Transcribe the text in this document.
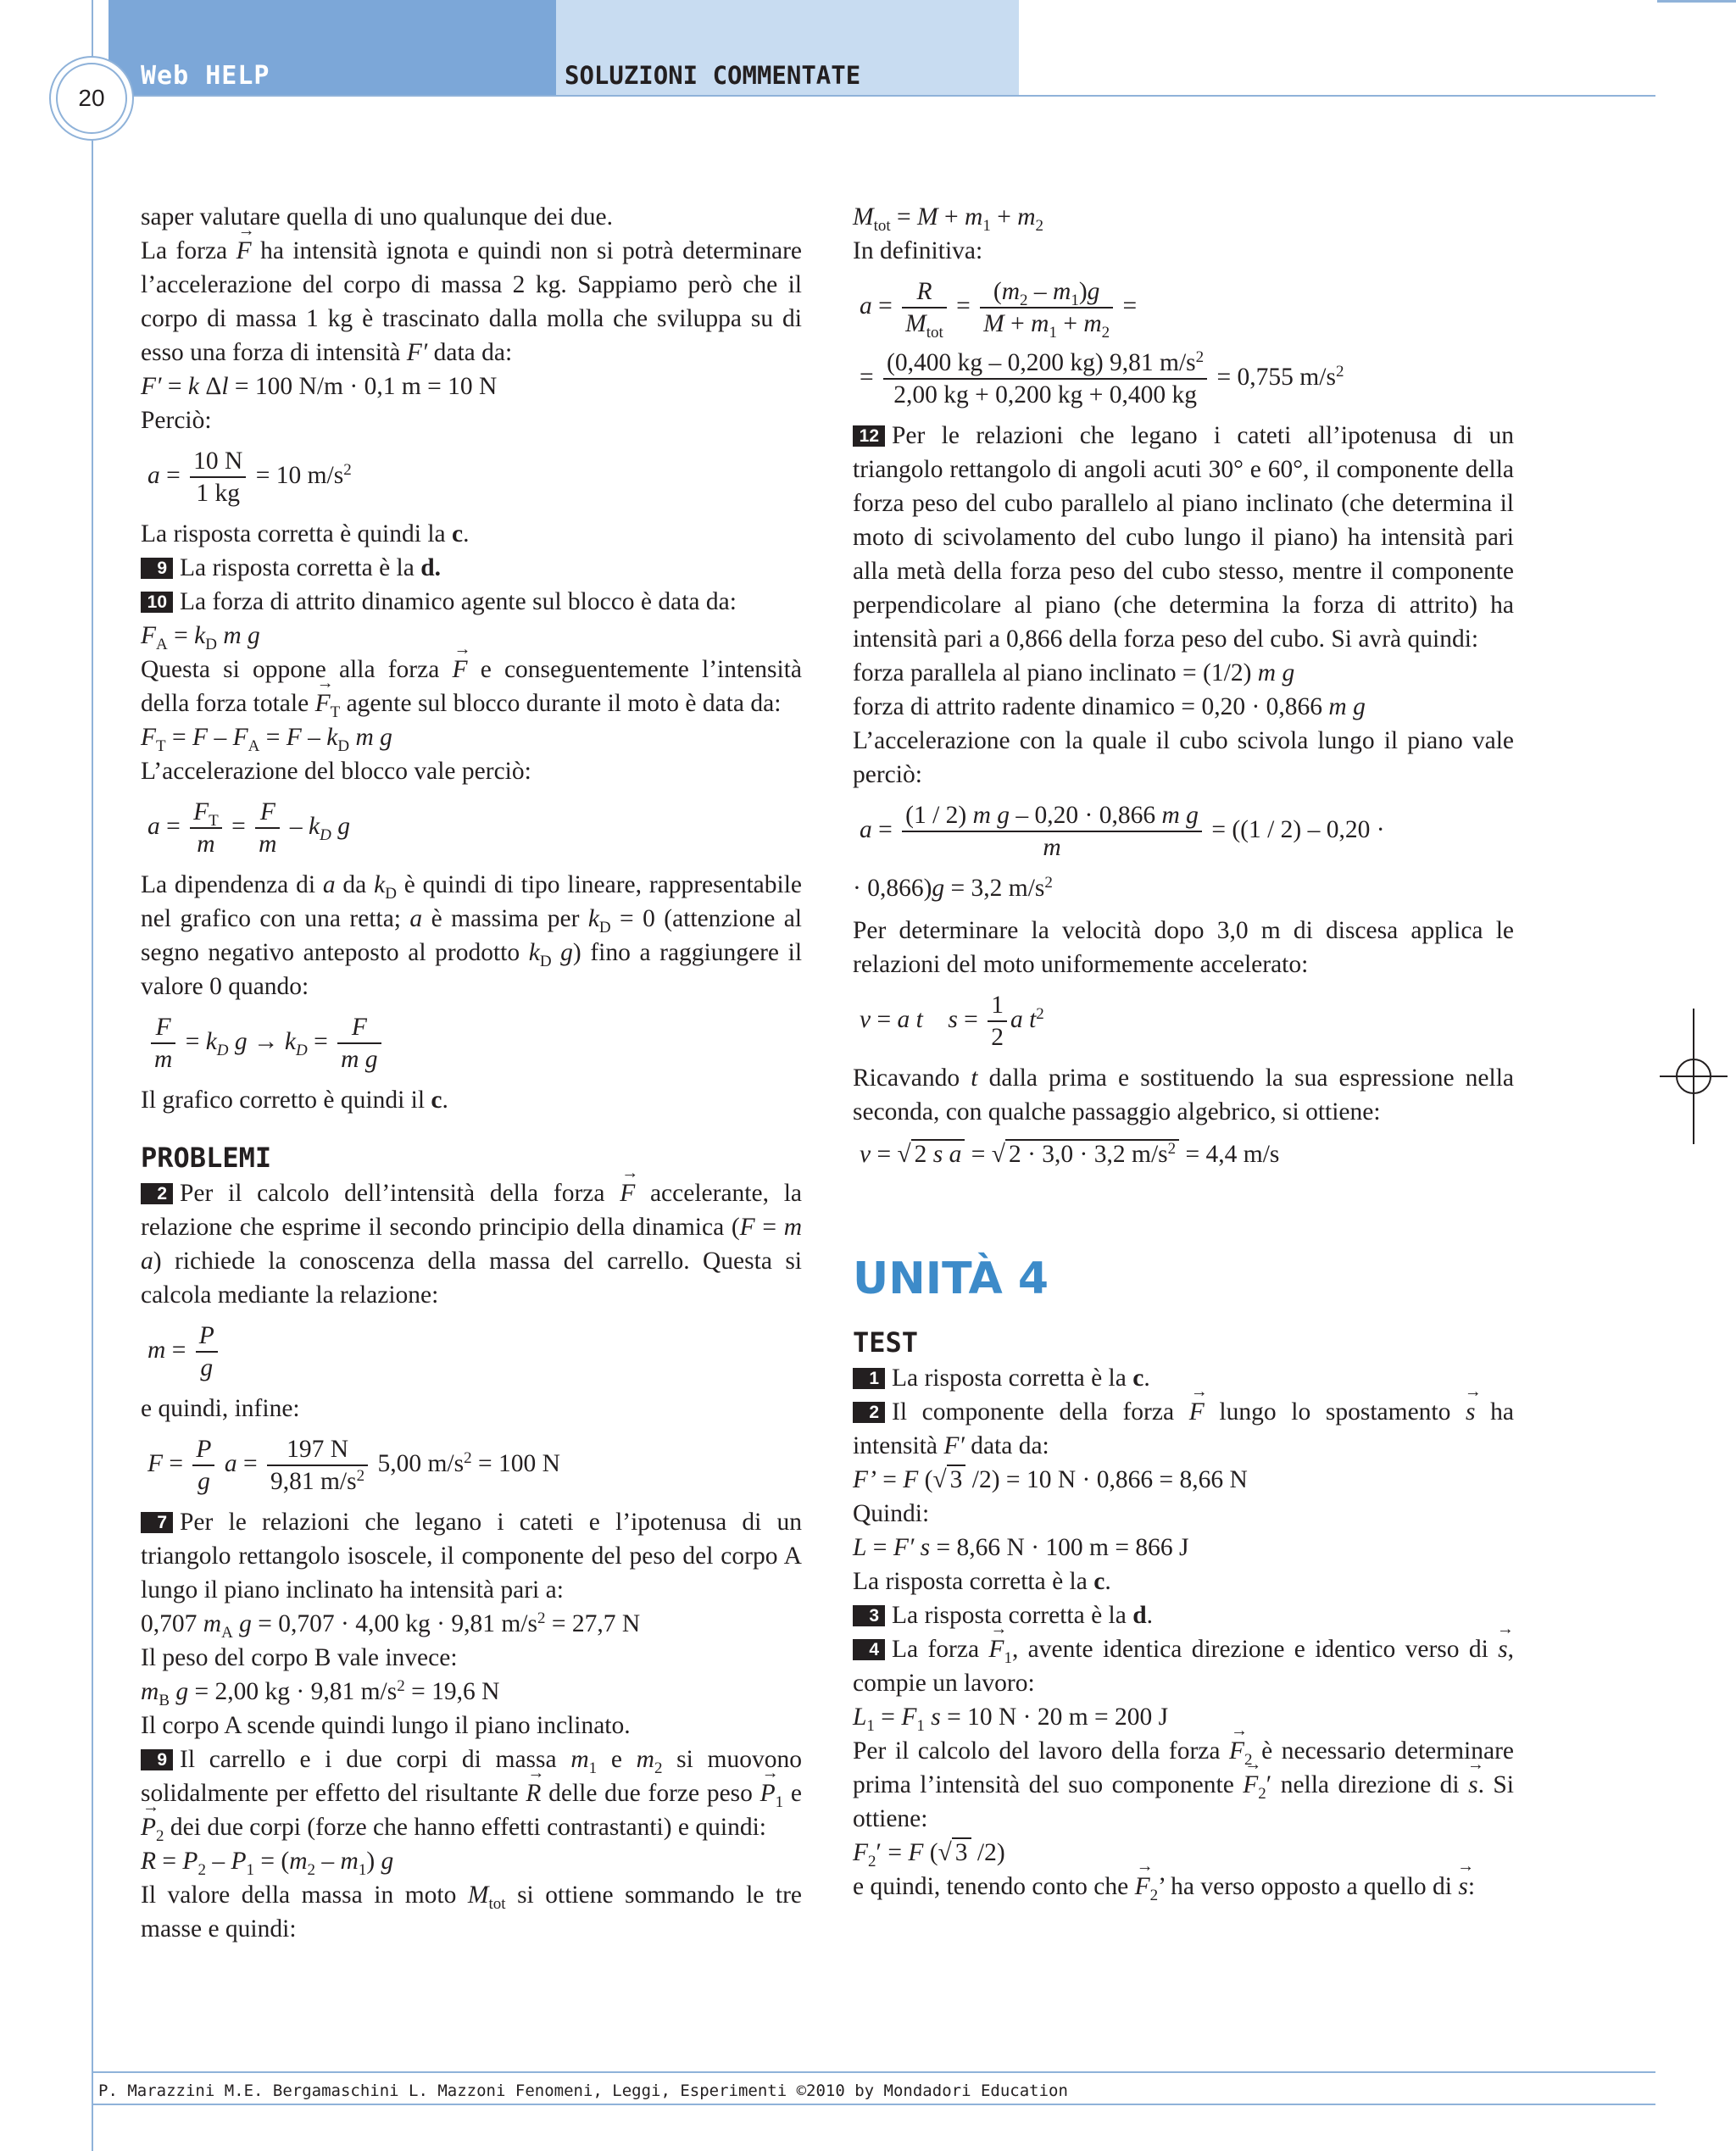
20
Web HELP	SOLUZIONI COMMENTATE

saper valutare quella di uno qualunque dei due.

La forza → F ha intensità ignota e quindi non si potrà determinare l’accelerazione del corpo di massa 2 kg. Sappiamo però che il corpo di massa 1 kg è trascinato dalla molla che sviluppa su di esso una forza di intensità F′ data da:

F′ = k Δl = 100 N/m · 0,1 m = 10 N

Perciò:

$a = \frac{10 N}{1 kg} = 10$ $m/s^2$

La risposta corretta è quindi la c.

9 La risposta corretta è la d.

10 La forza di attrito dinamico agente sul blocco è data da:

$F_A = k_D$ m g

Questa si oppone alla forza → F e conseguentemente l’intensità della forza totale → $F_T$ agente sul blocco durante il moto è data da:

$F_T = F - F_A = F - k_D$ m g

L’accelerazione del blocco vale perciò:

$a = \frac{F_T}{m} = \frac{F}{m} - k_D$ g

La dipendenza di a da $k_D$ è quindi di tipo lineare, rappresentabile nel grafico con una retta; a è massima per $k_D = 0$ (attenzione al segno negativo anteposto al prodotto $k_D$ g) fino a raggiungere il valore 0 quando:

$\frac{F}{m} = k_D$ $g \to k_D = \frac{F}{\text{m g}}$

Il grafico corretto è quindi il c.

PROBLEMI

2 Per il calcolo dell’intensità della forza → F accelerante, la relazione che esprime il secondo principio della dinamica (F = m a) richiede la conoscenza della massa del carrello. Questa si calcola mediante la relazione:

$m = \frac{P}{g}$

e quindi, infine:

$F = \frac{P}{g}$ $a = \frac{197 N}{9,81 m/s^2} 5,00$ $m/s^2 = 100$ N

7 Per le relazioni che legano i cateti e l’ipotenusa di un triangolo rettangolo isoscele, il componente del peso del corpo A lungo il piano inclinato ha intensità pari a:

0,707 $m_A$ g = 0,707 · 4,00 kg · 9,81 $m/s^2 = 27,7$ N

Il peso del corpo B vale invece:

$m_B$ g = 2,00 kg · 9,81 $m/s^2 = 19,6$ N

Il corpo A scende quindi lungo il piano inclinato.

9 Il carrello e i due corpi di massa $m_1$ e $m_2$ si muovono solidalmente per effetto del risultante → R delle due forze peso → $P_1$ $e \to P_2$ dei due corpi (forze che hanno effetti contrastanti) e quindi:

$R = P_2 - P_1 = (m_2 - m_1)$ g

Il valore della massa in moto $M_{tot}$ si ottiene sommando le tre masse e quindi:

$M_{tot} = M + m_1 + m_2$

In definitiva:

$a = \frac{R}{M_{tot}} = \frac{(m_2 - m_1)g}{M + m_1 + m_2}$ =

= $\frac{(0,400 kg - 0,200 kg) 9,81 m/s^2}{2,00 kg + 0,200 kg + 0,400 kg} = 0,755$ $m/s^2$

12 Per le relazioni che legano i cateti all’ipotenusa di un triangolo rettangolo di angoli acuti 30° e 60°, il componente della forza peso del cubo parallelo al piano inclinato (che determina il moto di scivolamento del cubo lungo il piano) ha intensità pari alla metà della forza peso del cubo stesso, mentre il componente perpendicolare al piano (che determina la forza di attrito) ha intensità pari a 0,866 della forza peso del cubo. Si avrà quindi:

forza parallela al piano inclinato = (1/2) m g

forza di attrito radente dinamico = 0,20 · 0,866 m g

L’accelerazione con la quale il cubo scivola lungo il piano vale perciò:

$a = \frac{\text{(1 / 2) m g – 0,20 · 0,866 m g}}{m} = ((1 / 2) - 0,20$ ·

· 0,866)g = 3,2 $m/s^2$

Per determinare la velocità dopo 3,0 m di discesa applica le relazioni del moto uniformemente accelerato:

v = a t $s = \frac{1}{2}$ a $t^2$

Ricavando t dalla prima e sostituendo la sua espressione nella seconda, con qualche passaggio algebrico, si ottiene:

v = √ 2 s a = √ 2 · 3,0 · 3,2 $m/s^2 = 4,4$ m/s

UNITÀ 4
TEST

1 La risposta corretta è la c.

2 Il componente della forza → F lungo lo spostamento → s ha intensità F′ data da:

F’ = F (√ 3 /2) = 10 N · 0,866 = 8,66 N

Quindi:

L = F′ s = 8,66 N · 100 m = 866 J

La risposta corretta è la c.

3 La risposta corretta è la d.

4 La forza → $F_1$, avente identica direzione e identico verso di → s, compie un lavoro:

$L_1 = F_1$ s = 10 N · 20 m = 200 J

Per il calcolo del lavoro della forza → $F_2$ è necessario determinare prima l’intensità del suo componente → $F_2'$ nella direzione di → s. Si ottiene:

$F_2' = F$ (√ 3 /2)

e quindi, tenendo conto che → $F_2$’ ha verso opposto a quello di → s:

P. Marazzini M.E. Bergamaschini L. Mazzoni Fenomeni, Leggi, Esperimenti ©2010 by Mondadori Education
